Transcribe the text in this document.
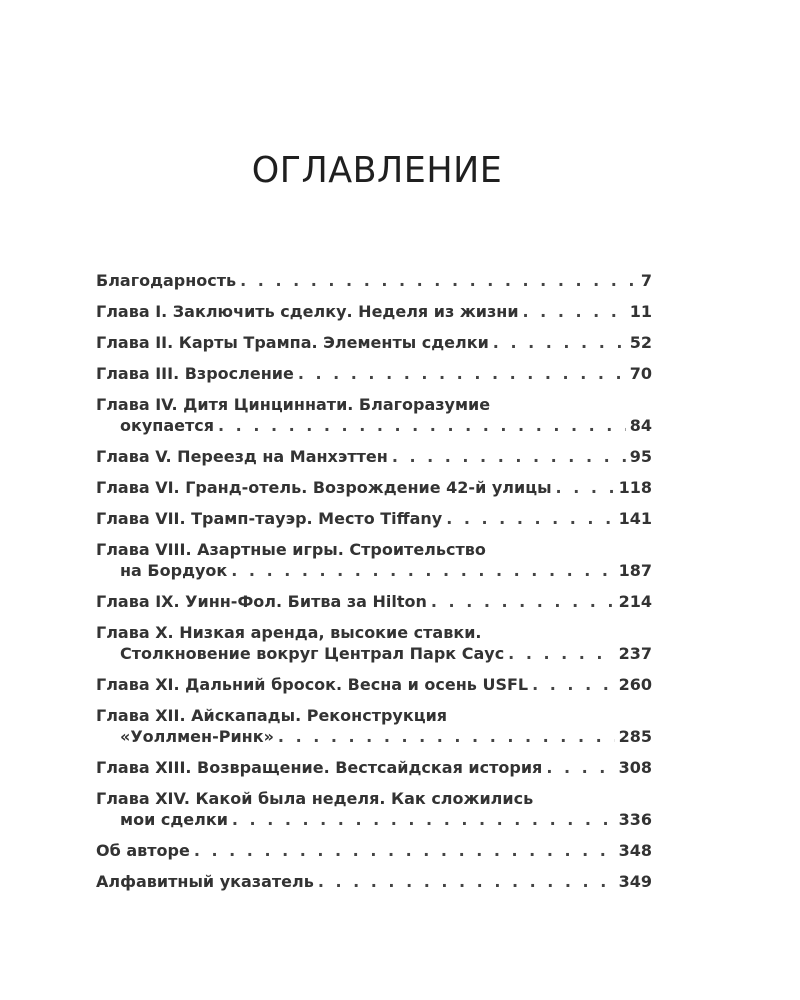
ОГЛАВЛЕНИЕ
Благодарность . . .	7
Глава I. Заключить сделку. Неделя из жизни . . .	11
Глава II. Карты Трампа. Элементы сделки . . .	52
Глава III. Взросление . . .	70
Глава IV. Дитя Цинциннати. Благоразумие
окупается . . .	84
Глава V. Переезд на Манхэттен . . .	95
Глава VI. Гранд-отель. Возрождение 42-й улицы . . .	118
Глава VII. Трамп-тауэр. Место Tiffany . . .	141
Глава VIII. Азартные игры. Строительство
на Бордуок . . .	187
Глава IX. Уинн-Фол. Битва за Hilton . . .	214
Глава X. Низкая аренда, высокие ставки.
Столкновение вокруг Централ Парк Саус . . .	237
Глава XI. Дальний бросок. Весна и осень USFL . . .	260
Глава XII. Айскапады. Реконструкция
«Уоллмен-Ринк» . . .	285
Глава XIII. Возвращение. Вестсайдская история . . .	308
Глава XIV. Какой была неделя. Как сложились
мои сделки . . .	336
Об авторе . . .	348
Алфавитный указатель . . .	349
